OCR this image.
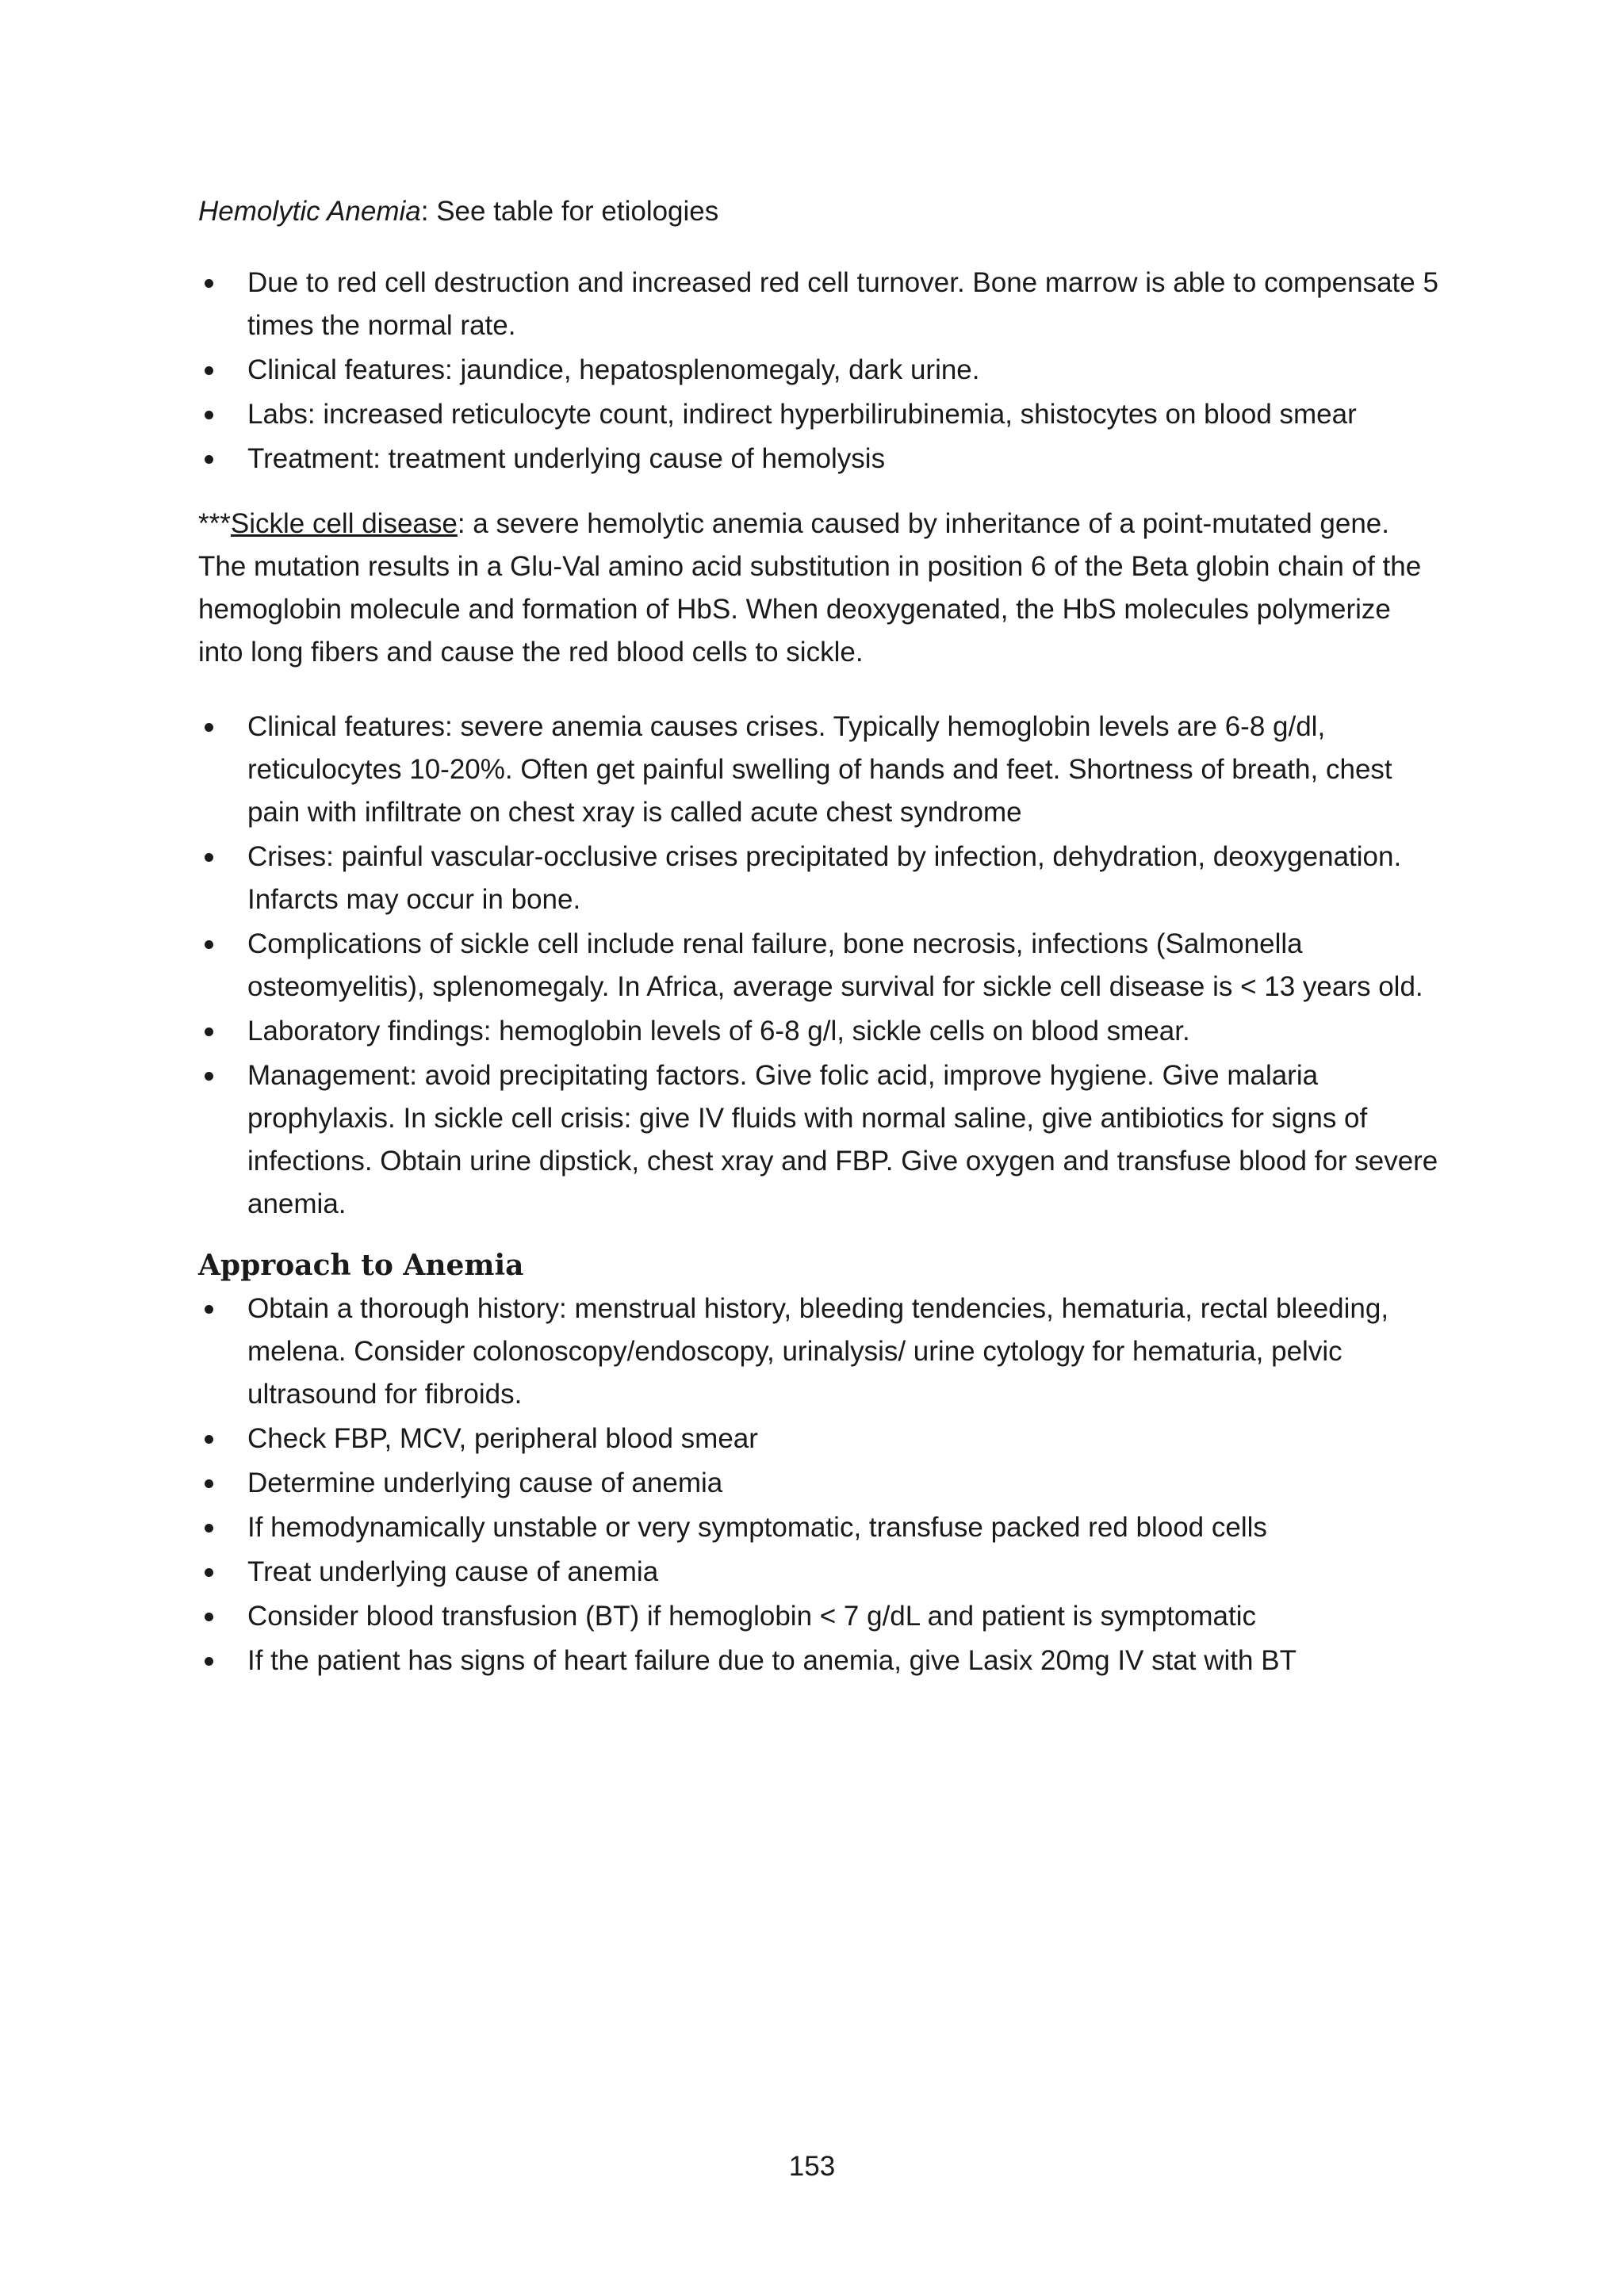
Hemolytic Anemia: See table for etiologies

Due to red cell destruction and increased red cell turnover. Bone marrow is able to compensate 5 times the normal rate.
Clinical features: jaundice, hepatosplenomegaly, dark urine.
Labs: increased reticulocyte count, indirect hyperbilirubinemia, shistocytes on blood smear
Treatment: treatment underlying cause of hemolysis

***Sickle cell disease: a severe hemolytic anemia caused by inheritance of a point-mutated gene. The mutation results in a Glu-Val amino acid substitution in position 6 of the Beta globin chain of the hemoglobin molecule and formation of HbS. When deoxygenated, the HbS molecules polymerize into long fibers and cause the red blood cells to sickle.

Clinical features: severe anemia causes crises. Typically hemoglobin levels are 6-8 g/dl, reticulocytes 10-20%. Often get painful swelling of hands and feet. Shortness of breath, chest pain with infiltrate on chest xray is called acute chest syndrome
Crises: painful vascular-occlusive crises precipitated by infection, dehydration, deoxygenation. Infarcts may occur in bone.
Complications of sickle cell include renal failure, bone necrosis, infections (Salmonella osteomyelitis), splenomegaly. In Africa, average survival for sickle cell disease is < 13 years old.
Laboratory findings: hemoglobin levels of 6-8 g/l, sickle cells on blood smear.
Management: avoid precipitating factors. Give folic acid, improve hygiene. Give malaria prophylaxis. In sickle cell crisis: give IV fluids with normal saline, give antibiotics for signs of infections. Obtain urine dipstick, chest xray and FBP. Give oxygen and transfuse blood for severe anemia.
Approach to Anemia
Obtain a thorough history: menstrual history, bleeding tendencies, hematuria, rectal bleeding, melena. Consider colonoscopy/endoscopy, urinalysis/ urine cytology for hematuria, pelvic ultrasound for fibroids.
Check FBP, MCV, peripheral blood smear
Determine underlying cause of anemia
If hemodynamically unstable or very symptomatic, transfuse packed red blood cells
Treat underlying cause of anemia
Consider blood transfusion (BT) if hemoglobin < 7 g/dL and patient is symptomatic
If the patient has signs of heart failure due to anemia, give Lasix 20mg IV stat with BT
153
